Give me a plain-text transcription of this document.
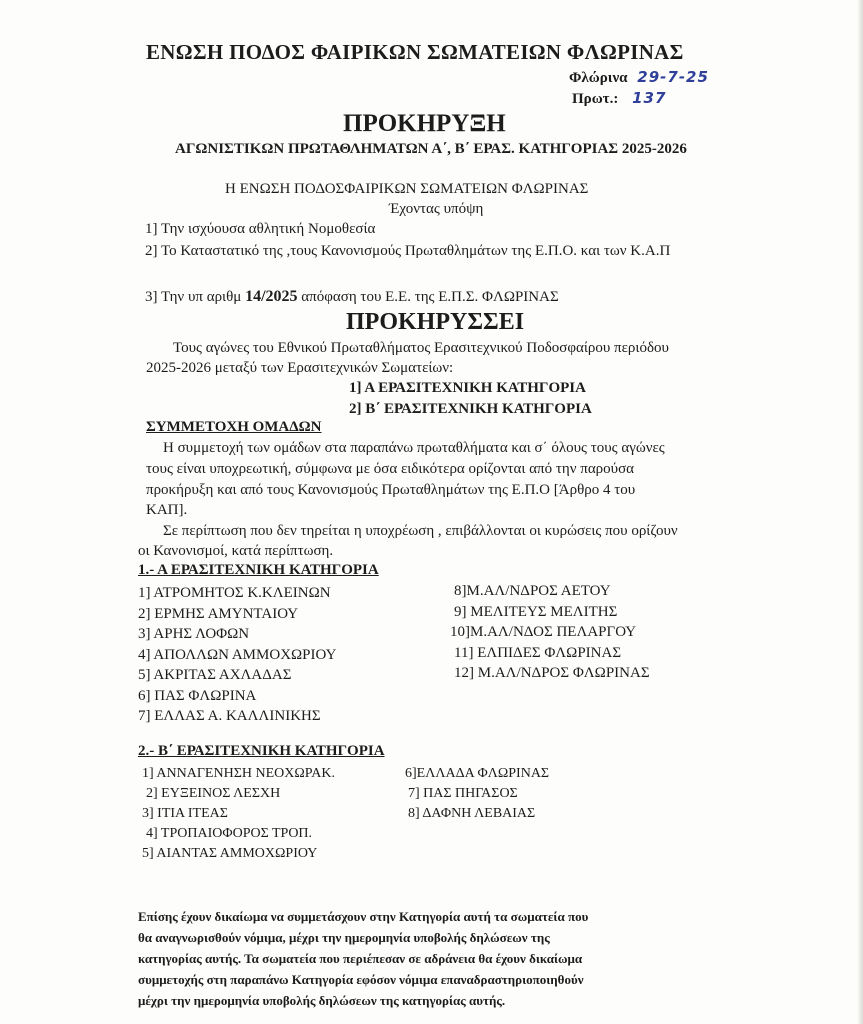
ΕΝΩΣΗ ΠΟΔΟΣ ΦΑΙΡΙΚΩΝ ΣΩΜΑΤΕΙΩΝ ΦΛΩΡΙΝΑΣ
Φλώρινα 29-7-25
Πρωτ.: 137
ΠΡΟΚΗΡΥΞΗ
ΑΓΩΝΙΣΤΙΚΩΝ ΠΡΩΤΑΘΛΗΜΑΤΩΝ Α΄, Β΄ ΕΡΑΣ. ΚΑΤΗΓΟΡΙΑΣ 2025-2026
Η ΕΝΩΣΗ ΠΟΔΟΣΦΑΙΡΙΚΩΝ ΣΩΜΑΤΕΙΩΝ ΦΛΩΡΙΝΑΣ
Έχοντας υπόψη
1] Την ισχύουσα αθλητική Νομοθεσία
2] Το Καταστατικό της ,τους Κανονισμούς Πρωταθλημάτων της Ε.Π.Ο. και των Κ.Α.Π
3] Την υπ αριθμ 14/2025 απόφαση του Ε.Ε. της Ε.Π.Σ. ΦΛΩΡΙΝΑΣ
ΠΡΟΚΗΡΥΣΣΕΙ
Τους αγώνες του Εθνικού Πρωταθλήματος Ερασιτεχνικού Ποδοσφαίρου περιόδου
2025-2026 μεταξύ των Ερασιτεχνικών Σωματείων:
1] Α ΕΡΑΣΙΤΕΧΝΙΚΗ ΚΑΤΗΓΟΡΙΑ
2] Β΄ ΕΡΑΣΙΤΕΧΝΙΚΗ ΚΑΤΗΓΟΡΙΑ
ΣΥΜΜΕΤΟΧΗ ΟΜΑΔΩΝ
Η συμμετοχή των ομάδων στα παραπάνω πρωταθλήματα και σ΄ όλους τους αγώνες
τους είναι υποχρεωτική, σύμφωνα με όσα ειδικότερα ορίζονται από την παρούσα
προκήρυξη και από τους Κανονισμούς Πρωταθλημάτων της Ε.Π.Ο [Άρθρο 4 του
ΚΑΠ].
Σε περίπτωση που δεν τηρείται η υποχρέωση , επιβάλλονται οι κυρώσεις που ορίζουν
οι Κανονισμοί, κατά περίπτωση.
1.- Α ΕΡΑΣΙΤΕΧΝΙΚΗ ΚΑΤΗΓΟΡΙΑ
1] ΑΤΡΟΜΗΤΟΣ Κ.ΚΛΕΙΝΩΝ
2] ΕΡΜΗΣ ΑΜΥΝΤΑΙΟΥ
3] ΑΡΗΣ ΛΟΦΩΝ
4] ΑΠΟΛΛΩΝ ΑΜΜΟΧΩΡΙΟΥ
5] ΑΚΡΙΤΑΣ ΑΧΛΑΔΑΣ
6] ΠΑΣ ΦΛΩΡΙΝΑ
7] ΕΛΛΑΣ Α. ΚΑΛΛΙΝΙΚΗΣ
8]Μ.ΑΛ/ΝΔΡΟΣ ΑΕΤΟΥ
9] ΜΕΛΙΤΕΥΣ ΜΕΛΙΤΗΣ
10]Μ.ΑΛ/ΝΔΟΣ ΠΕΛΑΡΓΟΥ
11] ΕΛΠΙΔΕΣ ΦΛΩΡΙΝΑΣ
12] Μ.ΑΛ/ΝΔΡΟΣ ΦΛΩΡΙΝΑΣ
2.- Β΄ ΕΡΑΣΙΤΕΧΝΙΚΗ ΚΑΤΗΓΟΡΙΑ
1] ΑΝΝΑΓΕΝΗΣΗ ΝΕΟΧΩΡΑΚ.
2] ΕΥΞΕΙΝΟΣ ΛΕΣΧΗ
3] ΙΤΙΑ ΙΤΕΑΣ
4] ΤΡΟΠΑΙΟΦΟΡΟΣ ΤΡΟΠ.
5] ΑΙΑΝΤΑΣ ΑΜΜΟΧΩΡΙΟΥ
6]ΕΛΛΑΔΑ ΦΛΩΡΙΝΑΣ
7] ΠΑΣ ΠΗΓΑΣΟΣ
8] ΔΑΦΝΗ ΛΕΒΑΙΑΣ
Επίσης έχουν δικαίωμα να συμμετάσχουν στην Κατηγορία αυτή τα σωματεία που
θα αναγνωρισθούν νόμιμα, μέχρι την ημερομηνία υποβολής δηλώσεων της
κατηγορίας αυτής. Τα σωματεία που περιέπεσαν σε αδράνεια θα έχουν δικαίωμα
συμμετοχής στη παραπάνω Κατηγορία εφόσον νόμιμα επαναδραστηριοποιηθούν
μέχρι την ημερομηνία υποβολής δηλώσεων της κατηγορίας αυτής.
